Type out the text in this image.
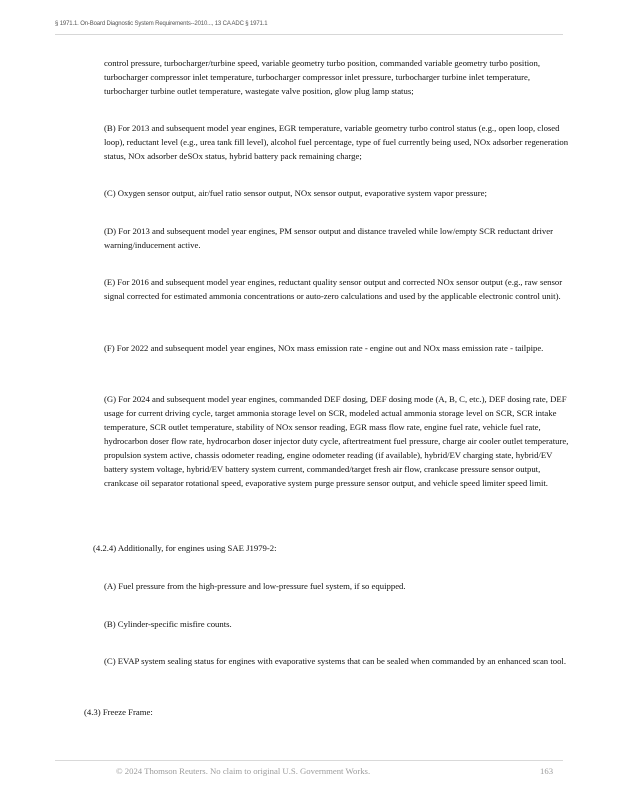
§ 1971.1. On-Board Diagnostic System Requirements--2010..., 13 CA ADC § 1971.1

control pressure, turbocharger/turbine speed, variable geometry turbo position, commanded variable geometry turbo position, turbocharger compressor inlet temperature, turbocharger compressor inlet pressure, turbocharger turbine inlet temperature, turbocharger turbine outlet temperature, wastegate valve position, glow plug lamp status;

(B) For 2013 and subsequent model year engines, EGR temperature, variable geometry turbo control status (e.g., open loop, closed loop), reductant level (e.g., urea tank fill level), alcohol fuel percentage, type of fuel currently being used, NOx adsorber regeneration status, NOx adsorber deSOx status, hybrid battery pack remaining charge;

(C) Oxygen sensor output, air/fuel ratio sensor output, NOx sensor output, evaporative system vapor pressure;

(D) For 2013 and subsequent model year engines, PM sensor output and distance traveled while low/empty SCR reductant driver warning/inducement active.

(E) For 2016 and subsequent model year engines, reductant quality sensor output and corrected NOx sensor output (e.g., raw sensor signal corrected for estimated ammonia concentrations or auto-zero calculations and used by the applicable electronic control unit).

(F) For 2022 and subsequent model year engines, NOx mass emission rate - engine out and NOx mass emission rate - tailpipe.

(G) For 2024 and subsequent model year engines, commanded DEF dosing, DEF dosing mode (A, B, C, etc.), DEF dosing rate, DEF usage for current driving cycle, target ammonia storage level on SCR, modeled actual ammonia storage level on SCR, SCR intake temperature, SCR outlet temperature, stability of NOx sensor reading, EGR mass flow rate, engine fuel rate, vehicle fuel rate, hydrocarbon doser flow rate, hydrocarbon doser injector duty cycle, aftertreatment fuel pressure, charge air cooler outlet temperature, propulsion system active, chassis odometer reading, engine odometer reading (if available), hybrid/EV charging state, hybrid/EV battery system voltage, hybrid/EV battery system current, commanded/target fresh air flow, crankcase pressure sensor output, crankcase oil separator rotational speed, evaporative system purge pressure sensor output, and vehicle speed limiter speed limit.

(4.2.4) Additionally, for engines using SAE J1979-2:

(A) Fuel pressure from the high-pressure and low-pressure fuel system, if so equipped.

(B) Cylinder-specific misfire counts.

(C) EVAP system sealing status for engines with evaporative systems that can be sealed when commanded by an enhanced scan tool.

(4.3) Freeze Frame:

© 2024 Thomson Reuters. No claim to original U.S. Government Works.	163
